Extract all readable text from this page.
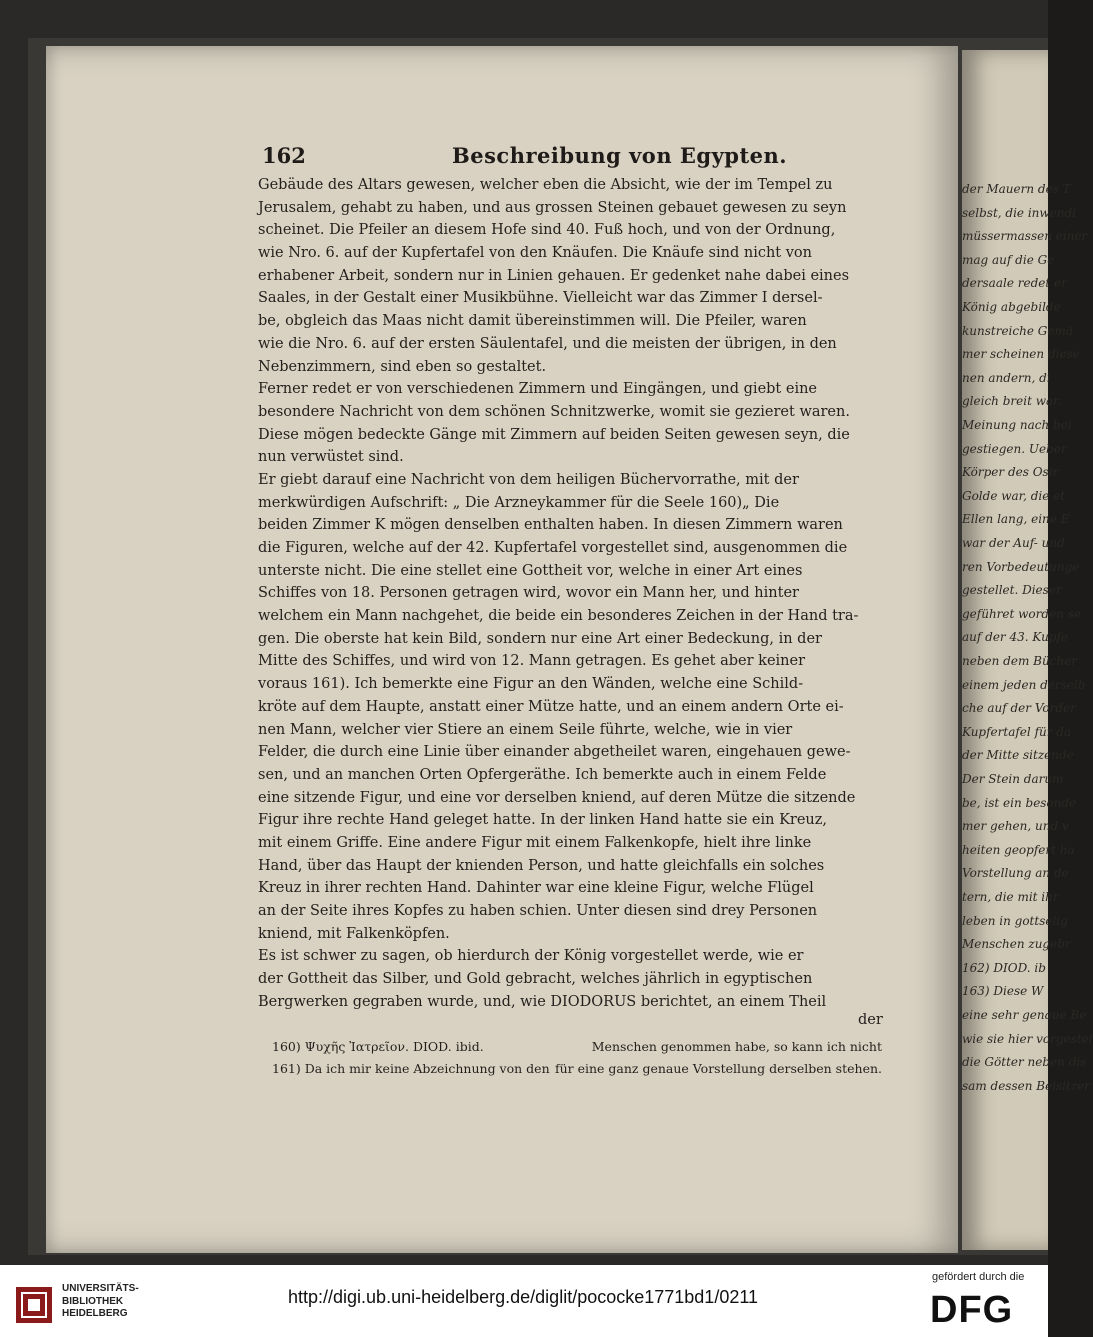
der Mauern des T
selbst, die inwendi
müssermassen einer
mag auf die Ge
dersaale redet er
König abgebilde
kunstreiche Gemä
mer scheinen diese
nen andern, di
gleich breit war.
Meinung nach bei
gestiegen. Ueber
Körper des Osir
Golde war, die et
Ellen lang, eine E
war der Auf- und
ren Vorbedeutunge
gestellet. Dieser
geführet worden se
auf der 43. Kupfe
neben dem Bücher
einem jeden derselb
che auf der Vorder
Kupfertafel für da
der Mitte sitzende
Der Stein darum
be, ist ein besonde
mer gehen, und v
heiten geopfert ha
Vorstellung an de
tern, die mit ihr
leben in gottselig
Menschen zugebr
162) DIOD. ib
163) Diese W
eine sehr genaue Be
wie sie hier vorgestel
die Götter neben dis
sam dessen Beisitzer
162	Beschreibung von Egypten.
Gebäude des Altars gewesen, welcher eben die Absicht, wie der im Tempel zu
Jerusalem, gehabt zu haben, und aus grossen Steinen gebauet gewesen zu seyn
scheinet. Die Pfeiler an diesem Hofe sind 40. Fuß hoch, und von der Ordnung,
wie Nro. 6. auf der Kupfertafel von den Knäufen. Die Knäufe sind nicht von
erhabener Arbeit, sondern nur in Linien gehauen. Er gedenket nahe dabei eines
Saales, in der Gestalt einer Musikbühne. Vielleicht war das Zimmer I dersel-
be, obgleich das Maas nicht damit übereinstimmen will. Die Pfeiler, waren
wie die Nro. 6. auf der ersten Säulentafel, und die meisten der übrigen, in den
Nebenzimmern, sind eben so gestaltet.
Ferner redet er von verschiedenen Zimmern und Eingängen, und giebt eine
besondere Nachricht von dem schönen Schnitzwerke, womit sie gezieret waren.
Diese mögen bedeckte Gänge mit Zimmern auf beiden Seiten gewesen seyn, die
nun verwüstet sind.
Er giebt darauf eine Nachricht von dem heiligen Büchervorrathe, mit der
merkwürdigen Aufschrift: „ Die Arzneykammer für die Seele 160)„ Die
beiden Zimmer K mögen denselben enthalten haben. In diesen Zimmern waren
die Figuren, welche auf der 42. Kupfertafel vorgestellet sind, ausgenommen die
unterste nicht. Die eine stellet eine Gottheit vor, welche in einer Art eines
Schiffes von 18. Personen getragen wird, wovor ein Mann her, und hinter
welchem ein Mann nachgehet, die beide ein besonderes Zeichen in der Hand tra-
gen. Die oberste hat kein Bild, sondern nur eine Art einer Bedeckung, in der
Mitte des Schiffes, und wird von 12. Mann getragen. Es gehet aber keiner
voraus 161). Ich bemerkte eine Figur an den Wänden, welche eine Schild-
kröte auf dem Haupte, anstatt einer Mütze hatte, und an einem andern Orte ei-
nen Mann, welcher vier Stiere an einem Seile führte, welche, wie in vier
Felder, die durch eine Linie über einander abgetheilet waren, eingehauen gewe-
sen, und an manchen Orten Opfergeräthe. Ich bemerkte auch in einem Felde
eine sitzende Figur, und eine vor derselben kniend, auf deren Mütze die sitzende
Figur ihre rechte Hand geleget hatte. In der linken Hand hatte sie ein Kreuz,
mit einem Griffe. Eine andere Figur mit einem Falkenkopfe, hielt ihre linke
Hand, über das Haupt der knienden Person, und hatte gleichfalls ein solches
Kreuz in ihrer rechten Hand. Dahinter war eine kleine Figur, welche Flügel
an der Seite ihres Kopfes zu haben schien. Unter diesen sind drey Personen
kniend, mit Falkenköpfen.
Es ist schwer zu sagen, ob hierdurch der König vorgestellet werde, wie er
der Gottheit das Silber, und Gold gebracht, welches jährlich in egyptischen
Bergwerken gegraben wurde, und, wie DIODORUS berichtet, an einem Theil
der
160) Ψυχῆς Ἰατρεῖον. DIOD. ibid.	Menschen genommen habe, so kann ich nicht
161) Da ich mir keine Abzeichnung von den für eine ganz genaue Vorstellung derselben stehen.
UNIVERSITÄTS-
BIBLIOTHEK
HEIDELBERG
http://digi.ub.uni-heidelberg.de/diglit/pococke1771bd1/0211
gefördert durch die
DFG
